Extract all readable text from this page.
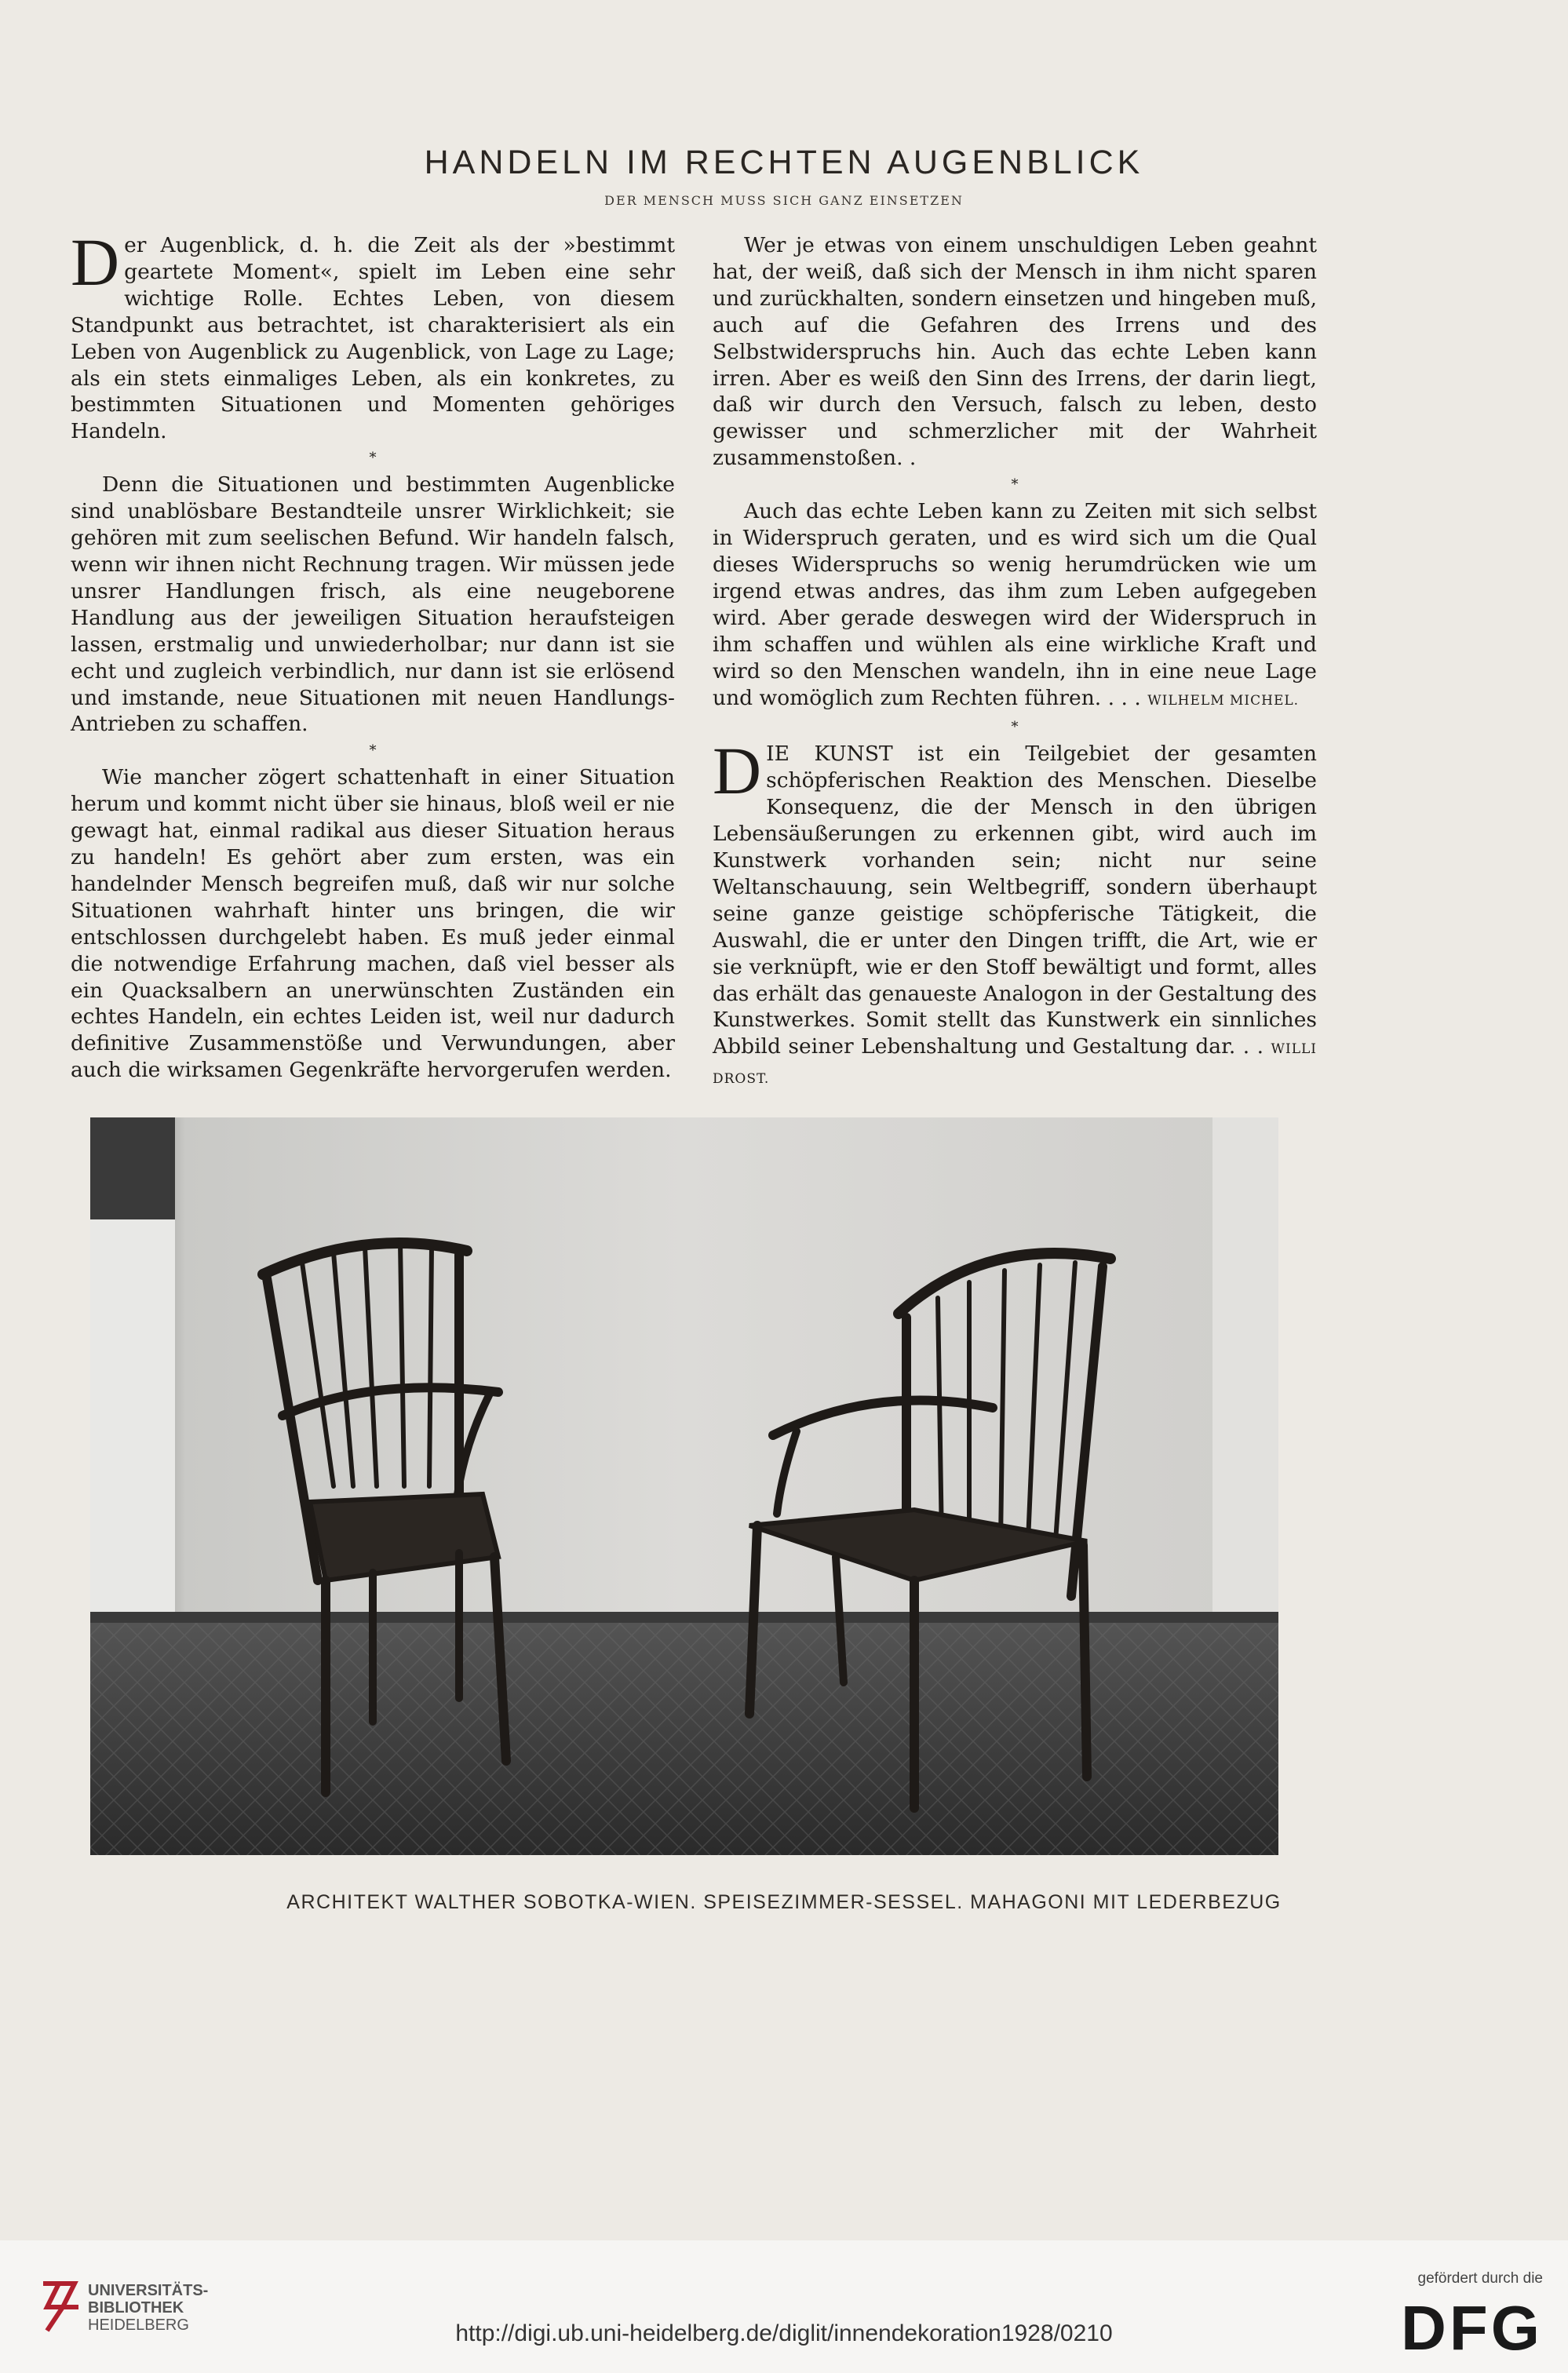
HANDELN IM RECHTEN AUGENBLICK
DER MENSCH MUSS SICH GANZ EINSETZEN

Der Augenblick, d. h. die Zeit als der »bestimmt geartete Moment«, spielt im Leben eine sehr wichtige Rolle. Echtes Leben, von diesem Standpunkt aus betrachtet, ist charakterisiert als ein Leben von Augenblick zu Augenblick, von Lage zu Lage; als ein stets einmaliges Leben, als ein konkretes, zu bestimmten Situationen und Momenten gehöriges Handeln.

*

Denn die Situationen und bestimmten Augenblicke sind unablösbare Bestandteile unsrer Wirklichkeit; sie gehören mit zum seelischen Befund. Wir handeln falsch, wenn wir ihnen nicht Rechnung tragen. Wir müssen jede unsrer Handlungen frisch, als eine neugeborene Handlung aus der jeweiligen Situation heraufsteigen lassen, erstmalig und unwiederholbar; nur dann ist sie echt und zugleich verbindlich, nur dann ist sie erlösend und imstande, neue Situationen mit neuen Handlungs-Antrieben zu schaffen.

*

Wie mancher zögert schattenhaft in einer Situation herum und kommt nicht über sie hinaus, bloß weil er nie gewagt hat, einmal radikal aus dieser Situation heraus zu handeln! Es gehört aber zum ersten, was ein handelnder Mensch begreifen muß, daß wir nur solche Situationen wahrhaft hinter uns bringen, die wir entschlossen durchgelebt haben. Es muß jeder einmal die notwendige Erfahrung machen, daß viel besser als ein Quacksalbern an unerwünschten Zuständen ein echtes Handeln, ein echtes Leiden ist, weil nur dadurch definitive Zusammenstöße und Verwundungen, aber auch die wirksamen Gegenkräfte hervorgerufen werden.

Wer je etwas von einem unschuldigen Leben geahnt hat, der weiß, daß sich der Mensch in ihm nicht sparen und zurückhalten, sondern einsetzen und hingeben muß, auch auf die Gefahren des Irrens und des Selbstwiderspruchs hin. Auch das echte Leben kann irren. Aber es weiß den Sinn des Irrens, der darin liegt, daß wir durch den Versuch, falsch zu leben, desto gewisser und schmerzlicher mit der Wahrheit zusammenstoßen. .

*

Auch das echte Leben kann zu Zeiten mit sich selbst in Widerspruch geraten, und es wird sich um die Qual dieses Widerspruchs so wenig herumdrücken wie um irgend etwas andres, das ihm zum Leben aufgegeben wird. Aber gerade deswegen wird der Widerspruch in ihm schaffen und wühlen als eine wirkliche Kraft und wird so den Menschen wandeln, ihn in eine neue Lage und womöglich zum Rechten führen. . . . WILHELM MICHEL.

*

DIE KUNST ist ein Teilgebiet der gesamten schöpferischen Reaktion des Menschen. Dieselbe Konsequenz, die der Mensch in den übrigen Lebensäußerungen zu erkennen gibt, wird auch im Kunstwerk vorhanden sein; nicht nur seine Weltanschauung, sein Weltbegriff, sondern überhaupt seine ganze geistige schöpferische Tätigkeit, die Auswahl, die er unter den Dingen trifft, die Art, wie er sie verknüpft, wie er den Stoff bewältigt und formt, alles das erhält das genaueste Analogon in der Gestaltung des Kunstwerkes. Somit stellt das Kunstwerk ein sinnliches Abbild seiner Lebenshaltung und Gestaltung dar. . . WILLI DROST.

ARCHITEKT WALTHER SOBOTKA-WIEN. SPEISEZIMMER-SESSEL. MAHAGONI MIT LEDERBEZUG
UNIVERSITÄTS-
BIBLIOTHEK
HEIDELBERG	http://digi.ub.uni-heidelberg.de/diglit/innendekoration1928/0210
gefördert durch die
DFG
